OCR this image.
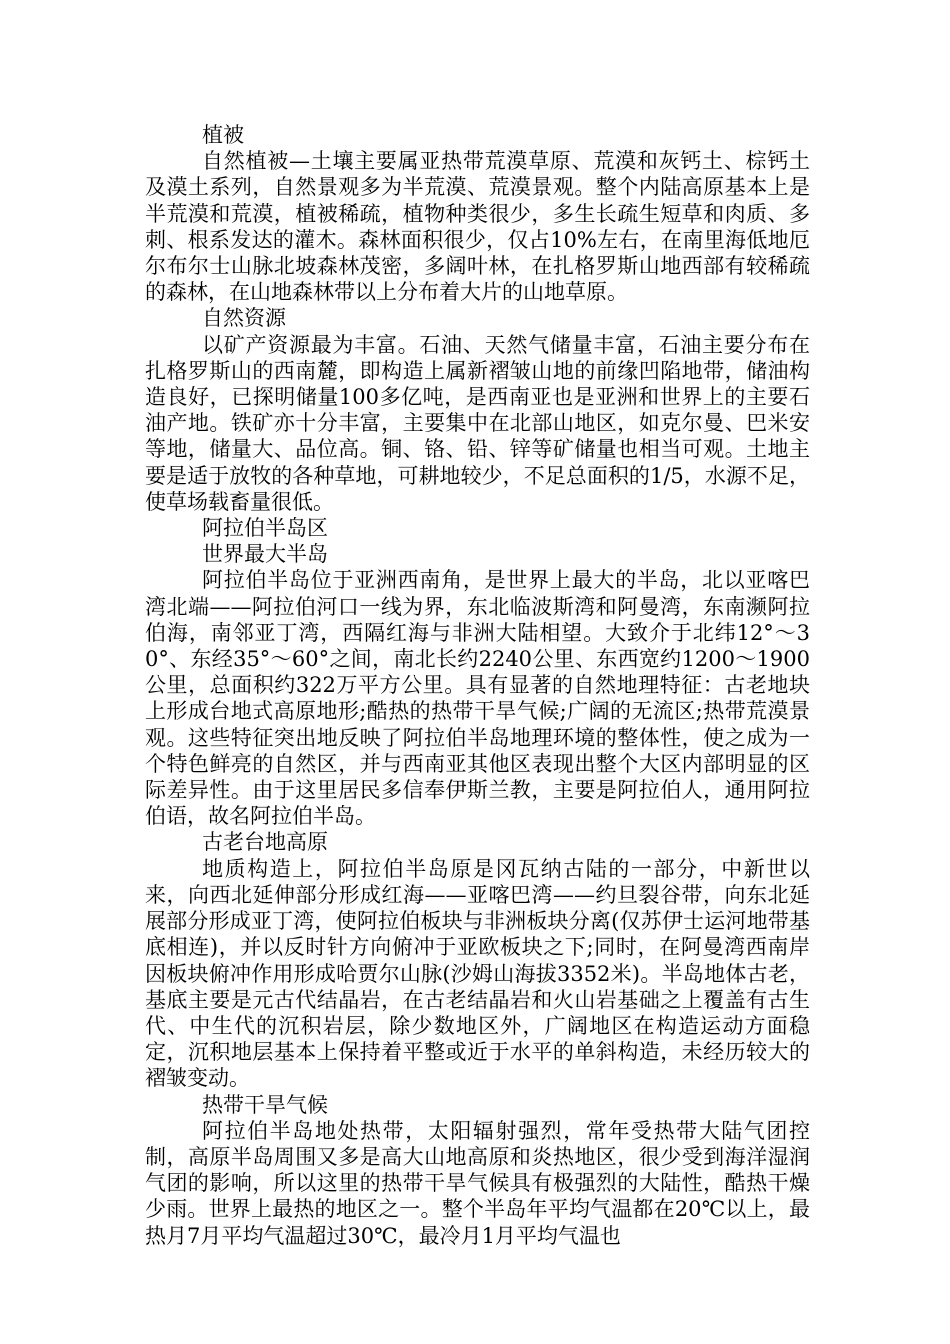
植被

自然植被—土壤主要属亚热带荒漠草原、荒漠和灰钙土、棕钙土及漠土系列，自然景观多为半荒漠、荒漠景观。整个内陆高原基本上是半荒漠和荒漠，植被稀疏，植物种类很少，多生长疏生短草和肉质、多刺、根系发达的灌木。森林面积很少，仅占10%左右，在南里海低地厄尔布尔士山脉北坡森林茂密，多阔叶林，在扎格罗斯山地西部有较稀疏的森林，在山地森林带以上分布着大片的山地草原。

自然资源

以矿产资源最为丰富。石油、天然气储量丰富，石油主要分布在扎格罗斯山的西南麓，即构造上属新褶皱山地的前缘凹陷地带，储油构造良好，已探明储量100多亿吨，是西南亚也是亚洲和世界上的主要石油产地。铁矿亦十分丰富，主要集中在北部山地区，如克尔曼、巴米安等地，储量大、品位高。铜、铬、铅、锌等矿储量也相当可观。土地主要是适于放牧的各种草地，可耕地较少，不足总面积的1/5，水源不足，使草场载畜量很低。

阿拉伯半岛区

世界最大半岛

阿拉伯半岛位于亚洲西南角，是世界上最大的半岛，北以亚喀巴湾北端——阿拉伯河口一线为界，东北临波斯湾和阿曼湾，东南濒阿拉伯海，南邻亚丁湾，西隔红海与非洲大陆相望。大致介于北纬12°～30°、东经35°～60°之间，南北长约2240公里、东西宽约1200～1900公里，总面积约322万平方公里。具有显著的自然地理特征：古老地块上形成台地式高原地形;酷热的热带干旱气候;广阔的无流区;热带荒漠景观。这些特征突出地反映了阿拉伯半岛地理环境的整体性，使之成为一个特色鲜亮的自然区，并与西南亚其他区表现出整个大区内部明显的区际差异性。由于这里居民多信奉伊斯兰教，主要是阿拉伯人，通用阿拉伯语，故名阿拉伯半岛。

古老台地高原

地质构造上，阿拉伯半岛原是冈瓦纳古陆的一部分，中新世以来，向西北延伸部分形成红海——亚喀巴湾——约旦裂谷带，向东北延展部分形成亚丁湾，使阿拉伯板块与非洲板块分离(仅苏伊士运河地带基底相连)，并以反时针方向俯冲于亚欧板块之下;同时，在阿曼湾西南岸因板块俯冲作用形成哈贾尔山脉(沙姆山海拔3352米)。半岛地体古老，基底主要是元古代结晶岩，在古老结晶岩和火山岩基础之上覆盖有古生代、中生代的沉积岩层，除少数地区外，广阔地区在构造运动方面稳定，沉积地层基本上保持着平整或近于水平的单斜构造，未经历较大的褶皱变动。

热带干旱气候

阿拉伯半岛地处热带，太阳辐射强烈，常年受热带大陆气团控制，高原半岛周围又多是高大山地高原和炎热地区，很少受到海洋湿润气团的影响，所以这里的热带干旱气候具有极强烈的大陆性，酷热干燥少雨。世界上最热的地区之一。整个半岛年平均气温都在20℃以上，最热月7月平均气温超过30℃，最冷月1月平均气温也
